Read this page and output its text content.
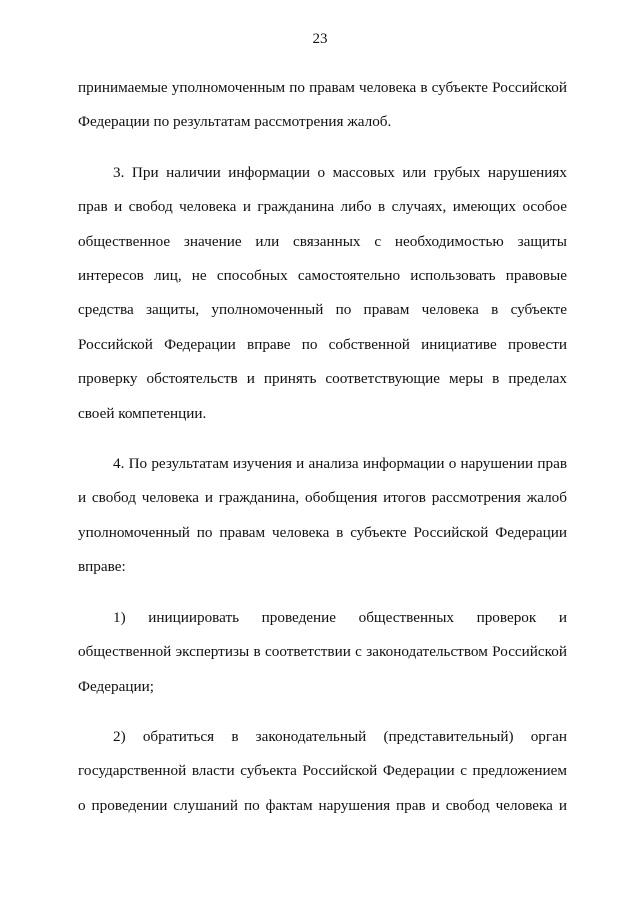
23

принимаемые уполномоченным по правам человека в субъекте Российской
Федерации по результатам рассмотрения жалоб.

3. При наличии информации о массовых или грубых нарушениях
прав и свобод человека и гражданина либо в случаях, имеющих особое
общественное значение или связанных с необходимостью защиты
интересов лиц, не способных самостоятельно использовать правовые
средства защиты, уполномоченный по правам человека в субъекте
Российской Федерации вправе по собственной инициативе провести
проверку обстоятельств и принять соответствующие меры в пределах
своей компетенции.

4. По результатам изучения и анализа информации о нарушении прав
и свобод человека и гражданина, обобщения итогов рассмотрения жалоб
уполномоченный по правам человека в субъекте Российской Федерации
вправе:

1) инициировать проведение общественных проверок и
общественной экспертизы в соответствии с законодательством Российской
Федерации;

2) обратиться в законодательный (представительный) орган
государственной власти субъекта Российской Федерации с предложением
о проведении слушаний по фактам нарушения прав и свобод человека и
